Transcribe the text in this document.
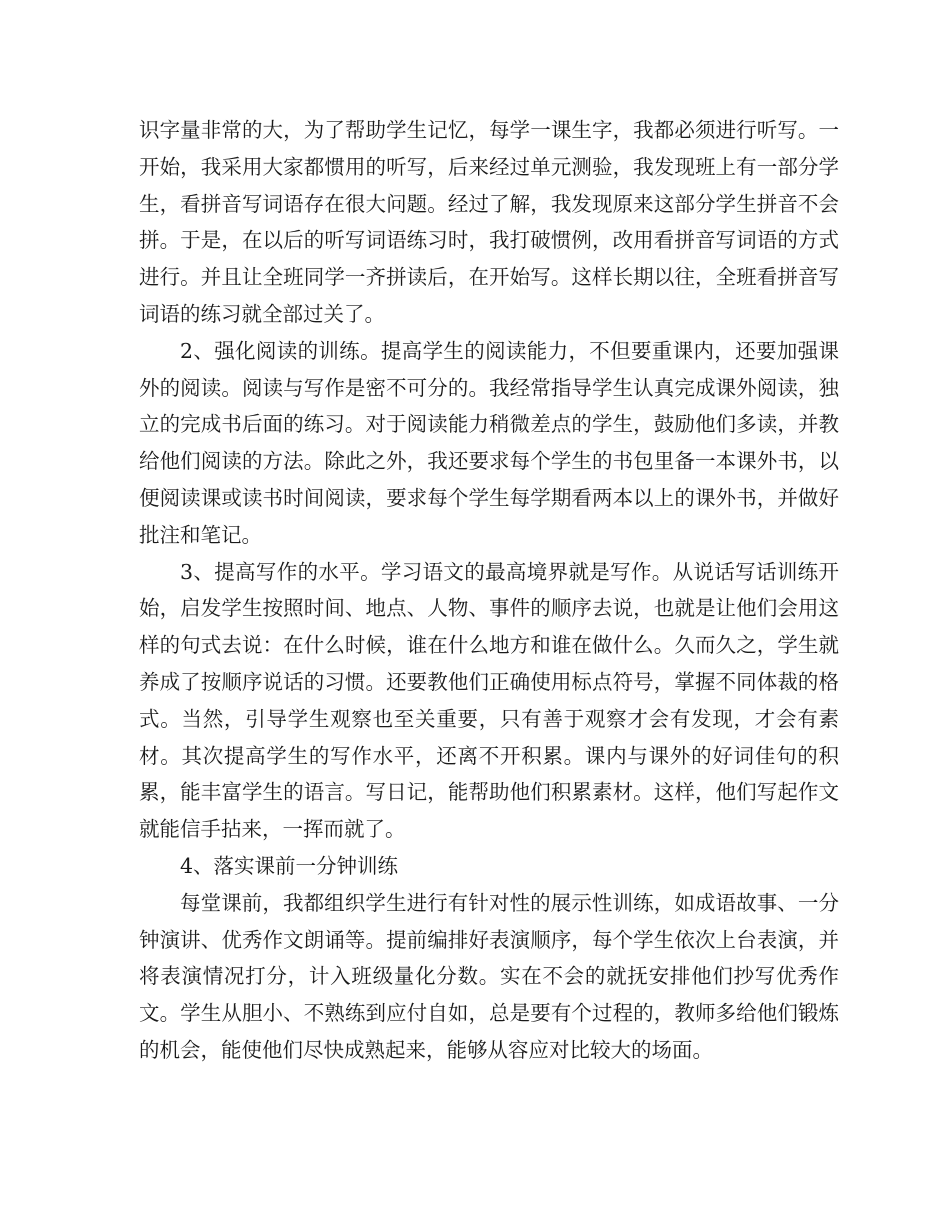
识字量非常的大，为了帮助学生记忆，每学一课生字，我都必须进行听写。一开始，我采用大家都惯用的听写，后来经过单元测验，我发现班上有一部分学生，看拼音写词语存在很大问题。经过了解，我发现原来这部分学生拼音不会拼。于是，在以后的听写词语练习时，我打破惯例，改用看拼音写词语的方式进行。并且让全班同学一齐拼读后，在开始写。这样长期以往，全班看拼音写词语的练习就全部过关了。

2、强化阅读的训练。提高学生的阅读能力，不但要重课内，还要加强课外的阅读。阅读与写作是密不可分的。我经常指导学生认真完成课外阅读，独立的完成书后面的练习。对于阅读能力稍微差点的学生，鼓励他们多读，并教给他们阅读的方法。除此之外，我还要求每个学生的书包里备一本课外书，以便阅读课或读书时间阅读，要求每个学生每学期看两本以上的课外书，并做好批注和笔记。

3、提高写作的水平。学习语文的最高境界就是写作。从说话写话训练开始，启发学生按照时间、地点、人物、事件的顺序去说，也就是让他们会用这样的句式去说：在什么时候，谁在什么地方和谁在做什么。久而久之，学生就养成了按顺序说话的习惯。还要教他们正确使用标点符号，掌握不同体裁的格式。当然，引导学生观察也至关重要，只有善于观察才会有发现，才会有素材。其次提高学生的写作水平，还离不开积累。课内与课外的好词佳句的积累，能丰富学生的语言。写日记，能帮助他们积累素材。这样，他们写起作文就能信手拈来，一挥而就了。

4、落实课前一分钟训练

每堂课前，我都组织学生进行有针对性的展示性训练，如成语故事、一分钟演讲、优秀作文朗诵等。提前编排好表演顺序，每个学生依次上台表演，并将表演情况打分，计入班级量化分数。实在不会的就抚安排他们抄写优秀作文。学生从胆小、不熟练到应付自如，总是要有个过程的，教师多给他们锻炼的机会，能使他们尽快成熟起来，能够从容应对比较大的场面。
